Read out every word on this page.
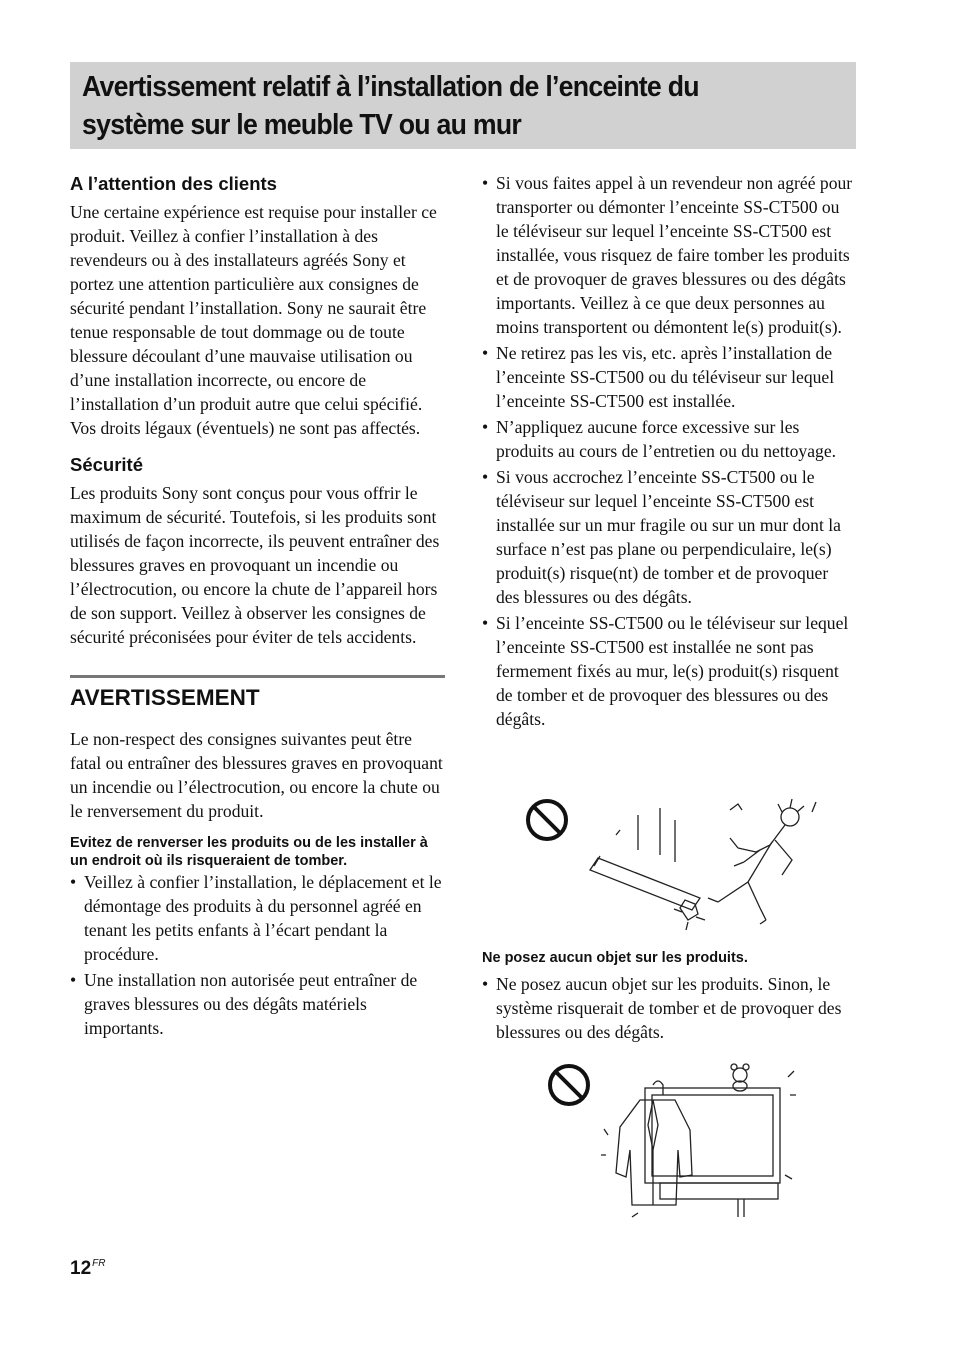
Avertissement relatif à l’installation de l’enceinte du
système sur le meuble TV ou au mur
A l’attention des clients

Une certaine expérience est requise pour installer ce produit. Veillez à confier l’installation à des revendeurs ou à des installateurs agréés Sony et portez une attention particulière aux consignes de sécurité pendant l’installation. Sony ne saurait être tenue responsable de tout dommage ou de toute blessure découlant d’une mauvaise utilisation ou d’une installation incorrecte, ou encore de l’installation d’un produit autre que celui spécifié. Vos droits légaux (éventuels) ne sont pas affectés.

Sécurité

Les produits Sony sont conçus pour vous offrir le maximum de sécurité. Toutefois, si les produits sont utilisés de façon incorrecte, ils peuvent entraîner des blessures graves en provoquant un incendie ou l’électrocution, ou encore la chute de l’appareil hors de son support. Veillez à observer les consignes de sécurité préconisées pour éviter de tels accidents.

AVERTISSEMENT

Le non-respect des consignes suivantes peut être fatal ou entraîner des blessures graves en provoquant un incendie ou l’électrocution, ou encore la chute ou le renversement du produit.

Evitez de renverser les produits ou de les installer à un endroit où ils risqueraient de tomber.
• Veillez à confier l’installation, le déplacement et le démontage des produits à du personnel agréé en tenant les petits enfants à l’écart pendant la procédure.
• Une installation non autorisée peut entraîner de graves blessures ou des dégâts matériels importants.
• Si vous faites appel à un revendeur non agréé pour transporter ou démonter l’enceinte SS-CT500 ou le téléviseur sur lequel l’enceinte SS-CT500 est installée, vous risquez de faire tomber les produits et de provoquer de graves blessures ou des dégâts importants. Veillez à ce que deux personnes au moins transportent ou démontent le(s) produit(s).
• Ne retirez pas les vis, etc. après l’installation de l’enceinte SS-CT500 ou du téléviseur sur lequel l’enceinte SS-CT500 est installée.
• N’appliquez aucune force excessive sur les produits au cours de l’entretien ou du nettoyage.
• Si vous accrochez l’enceinte SS-CT500 ou le téléviseur sur lequel l’enceinte SS-CT500 est installée sur un mur fragile ou sur un mur dont la surface n’est pas plane ou perpendiculaire, le(s) produit(s) risque(nt) de tomber et de provoquer des blessures ou des dégâts.
• Si l’enceinte SS-CT500 ou le téléviseur sur lequel l’enceinte SS-CT500 est installée ne sont pas fermement fixés au mur, le(s) produit(s) risquent de tomber et de provoquer des blessures ou des dégâts.
Ne posez aucun objet sur les produits.
• Ne posez aucun objet sur les produits. Sinon, le système risquerait de tomber et de provoquer des blessures ou des dégâts.
$12^{FR}$
